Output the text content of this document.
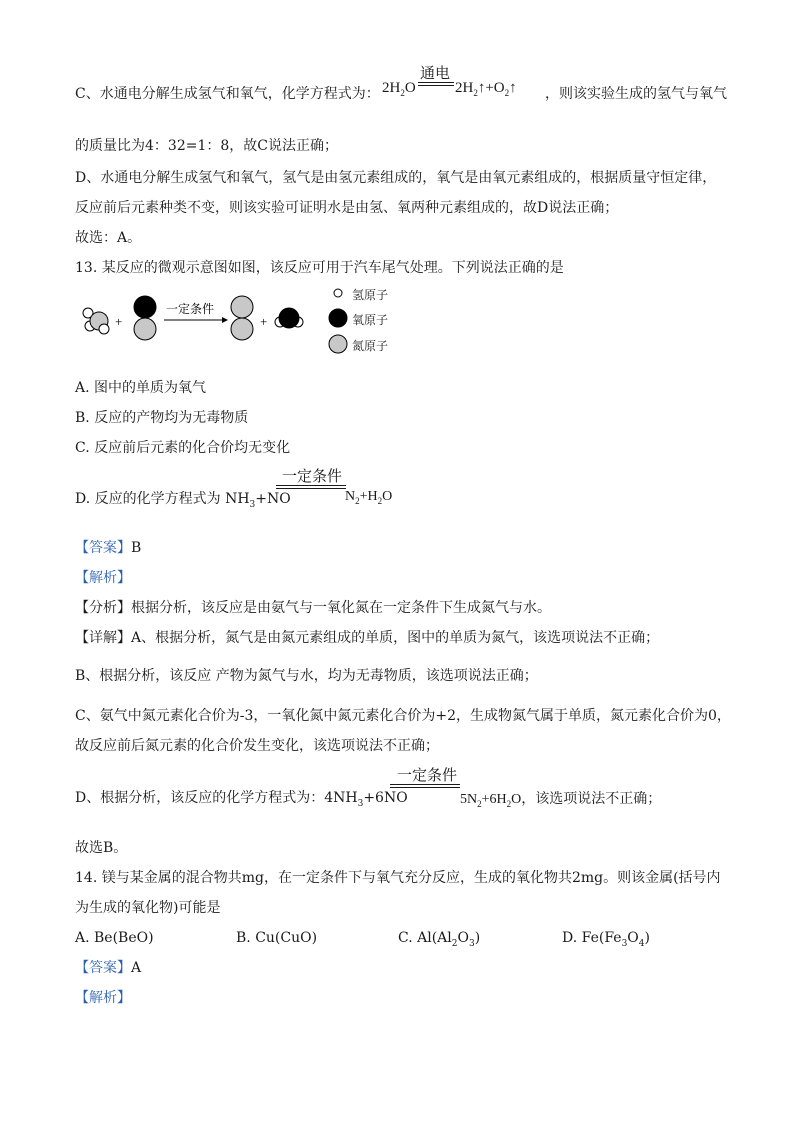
C、水通电分解生成氢气和氧气，化学方程式为： $2H_2O$
通电
$2H_2↑+O_2↑$ ，则该实验生成的氢气与氧气
的质量比为4：32=1：8，故C说法正确；
D、水通电分解生成氢气和氧气，氢气是由氢元素组成的，氧气是由氧元素组成的，根据质量守恒定律，
反应前后元素种类不变，则该实验可证明水是由氢、氧两种元素组成的，故D说法正确；
故选：A。
13. 某反应的微观示意图如图，该反应可用于汽车尾气处理。下列说法正确的是
+
一定条件
+
氢原子
氧原子
氮原子
A. 图中的单质为氧气
B. 反应的产物均为无毒物质
C. 反应前后元素的化合价均无变化
D. 反应的化学方程式为 $NH_3+NO$
一定条件
$N_2+H_2O$
【答案】B
【解析】
【分析】根据分析，该反应是由氨气与一氧化氮在一定条件下生成氮气与水。
【详解】A、根据分析，氮气是由氮元素组成的单质，图中的单质为氮气，该选项说法不正确；
B、根据分析，该反应 产物为氮气与水，均为无毒物质，该选项说法正确；
C、氨气中氮元素化合价为-3，一氧化氮中氮元素化合价为+2，生成物氮气属于单质，氮元素化合价为0，
故反应前后氮元素的化合价发生变化，该选项说法不正确；
D、根据分析，该反应的化学方程式为：$4NH_3+6NO$
一定条件
$5N_2+6H_2O$，该选项说法不正确；
故选B。
14. 镁与某金属的混合物共mg，在一定条件下与氧气充分反应，生成的氧化物共2mg。则该金属(括号内
为生成的氧化物)可能是
A. Be(BeO)	B. Cu(CuO)	C. $Al(Al_2O_3)$	D. $Fe(Fe_3O_4)$
【答案】A
【解析】
